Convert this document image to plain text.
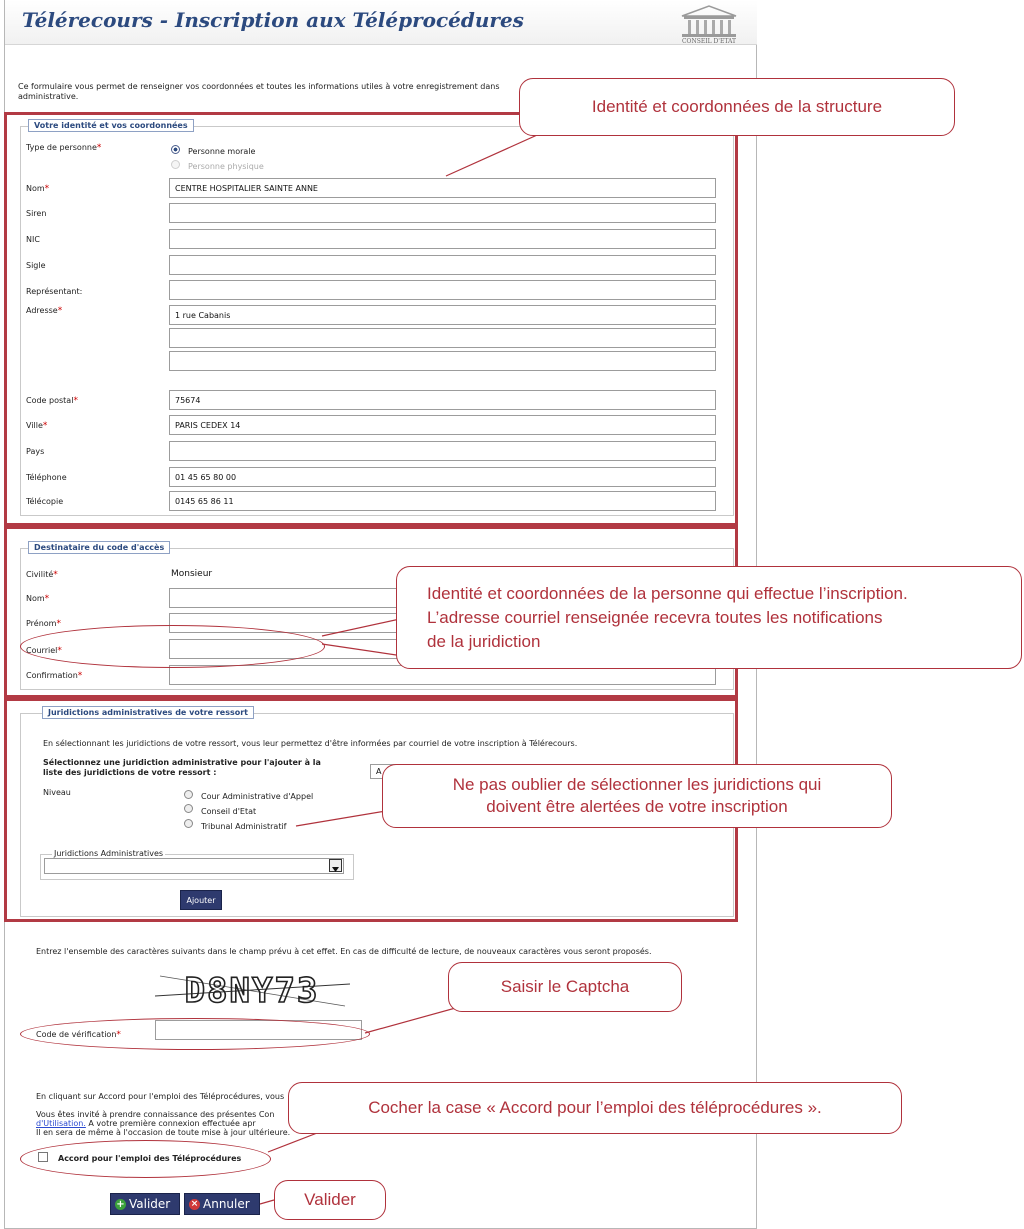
Télérecours - Inscription aux Téléprocédures
CONSEIL D'ETAT
Ce formulaire vous permet de renseigner vos coordonnées et toutes les informations utiles à votre enregistrement dans
administrative.
Votre identité et vos coordonnées
Type de personne*	Personne morale
Personne physique
Nom*	CENTRE HOSPITALIER SAINTE ANNE
Siren
NIC
Sigle
Représentant:
Adresse*	1 rue Cabanis
Code postal*	75674
Ville*	PARIS CEDEX 14
Pays
Téléphone	01 45 65 80 00
Télécopie	0145 65 86 11
Destinataire du code d'accès
Civilité*	Monsieur
Nom*
Prénom*
Courriel*
Confirmation*
Juridictions administratives de votre ressort
En sélectionnant les juridictions de votre ressort, vous leur permettez d'être informées par courriel de votre inscription à Télérecours.
Sélectionnez une juridiction administrative pour l'ajouter à la
liste des juridictions de votre ressort :	A
Niveau	Cour Administrative d'Appel
Conseil d'Etat
Tribunal Administratif
Juridictions Administratives
Ajouter
Entrez l'ensemble des caractères suivants dans le champ prévu à cet effet. En cas de difficulté de lecture, de nouveaux caractères vous seront proposés.
D8NY73
Code de vérification*
En cliquant sur Accord pour l'emploi des Téléprocédures, vous
Vous êtes invité à prendre connaissance des présentes Con
d'Utilisation. A votre première connexion effectuée apr
Il en sera de même à l'occasion de toute mise à jour ultérieure.
Accord pour l'emploi des Téléprocédures
+ Valider × Annuler
Identité et coordonnées de la structure
Identité et coordonnées de la personne qui effectue l’inscription.
L’adresse courriel renseignée recevra toutes les notifications
de la juridiction
Ne pas oublier de sélectionner les juridictions qui
doivent être alertées de votre inscription
Saisir le Captcha
Cocher la case « Accord pour l’emploi des téléprocédures ».
Valider
